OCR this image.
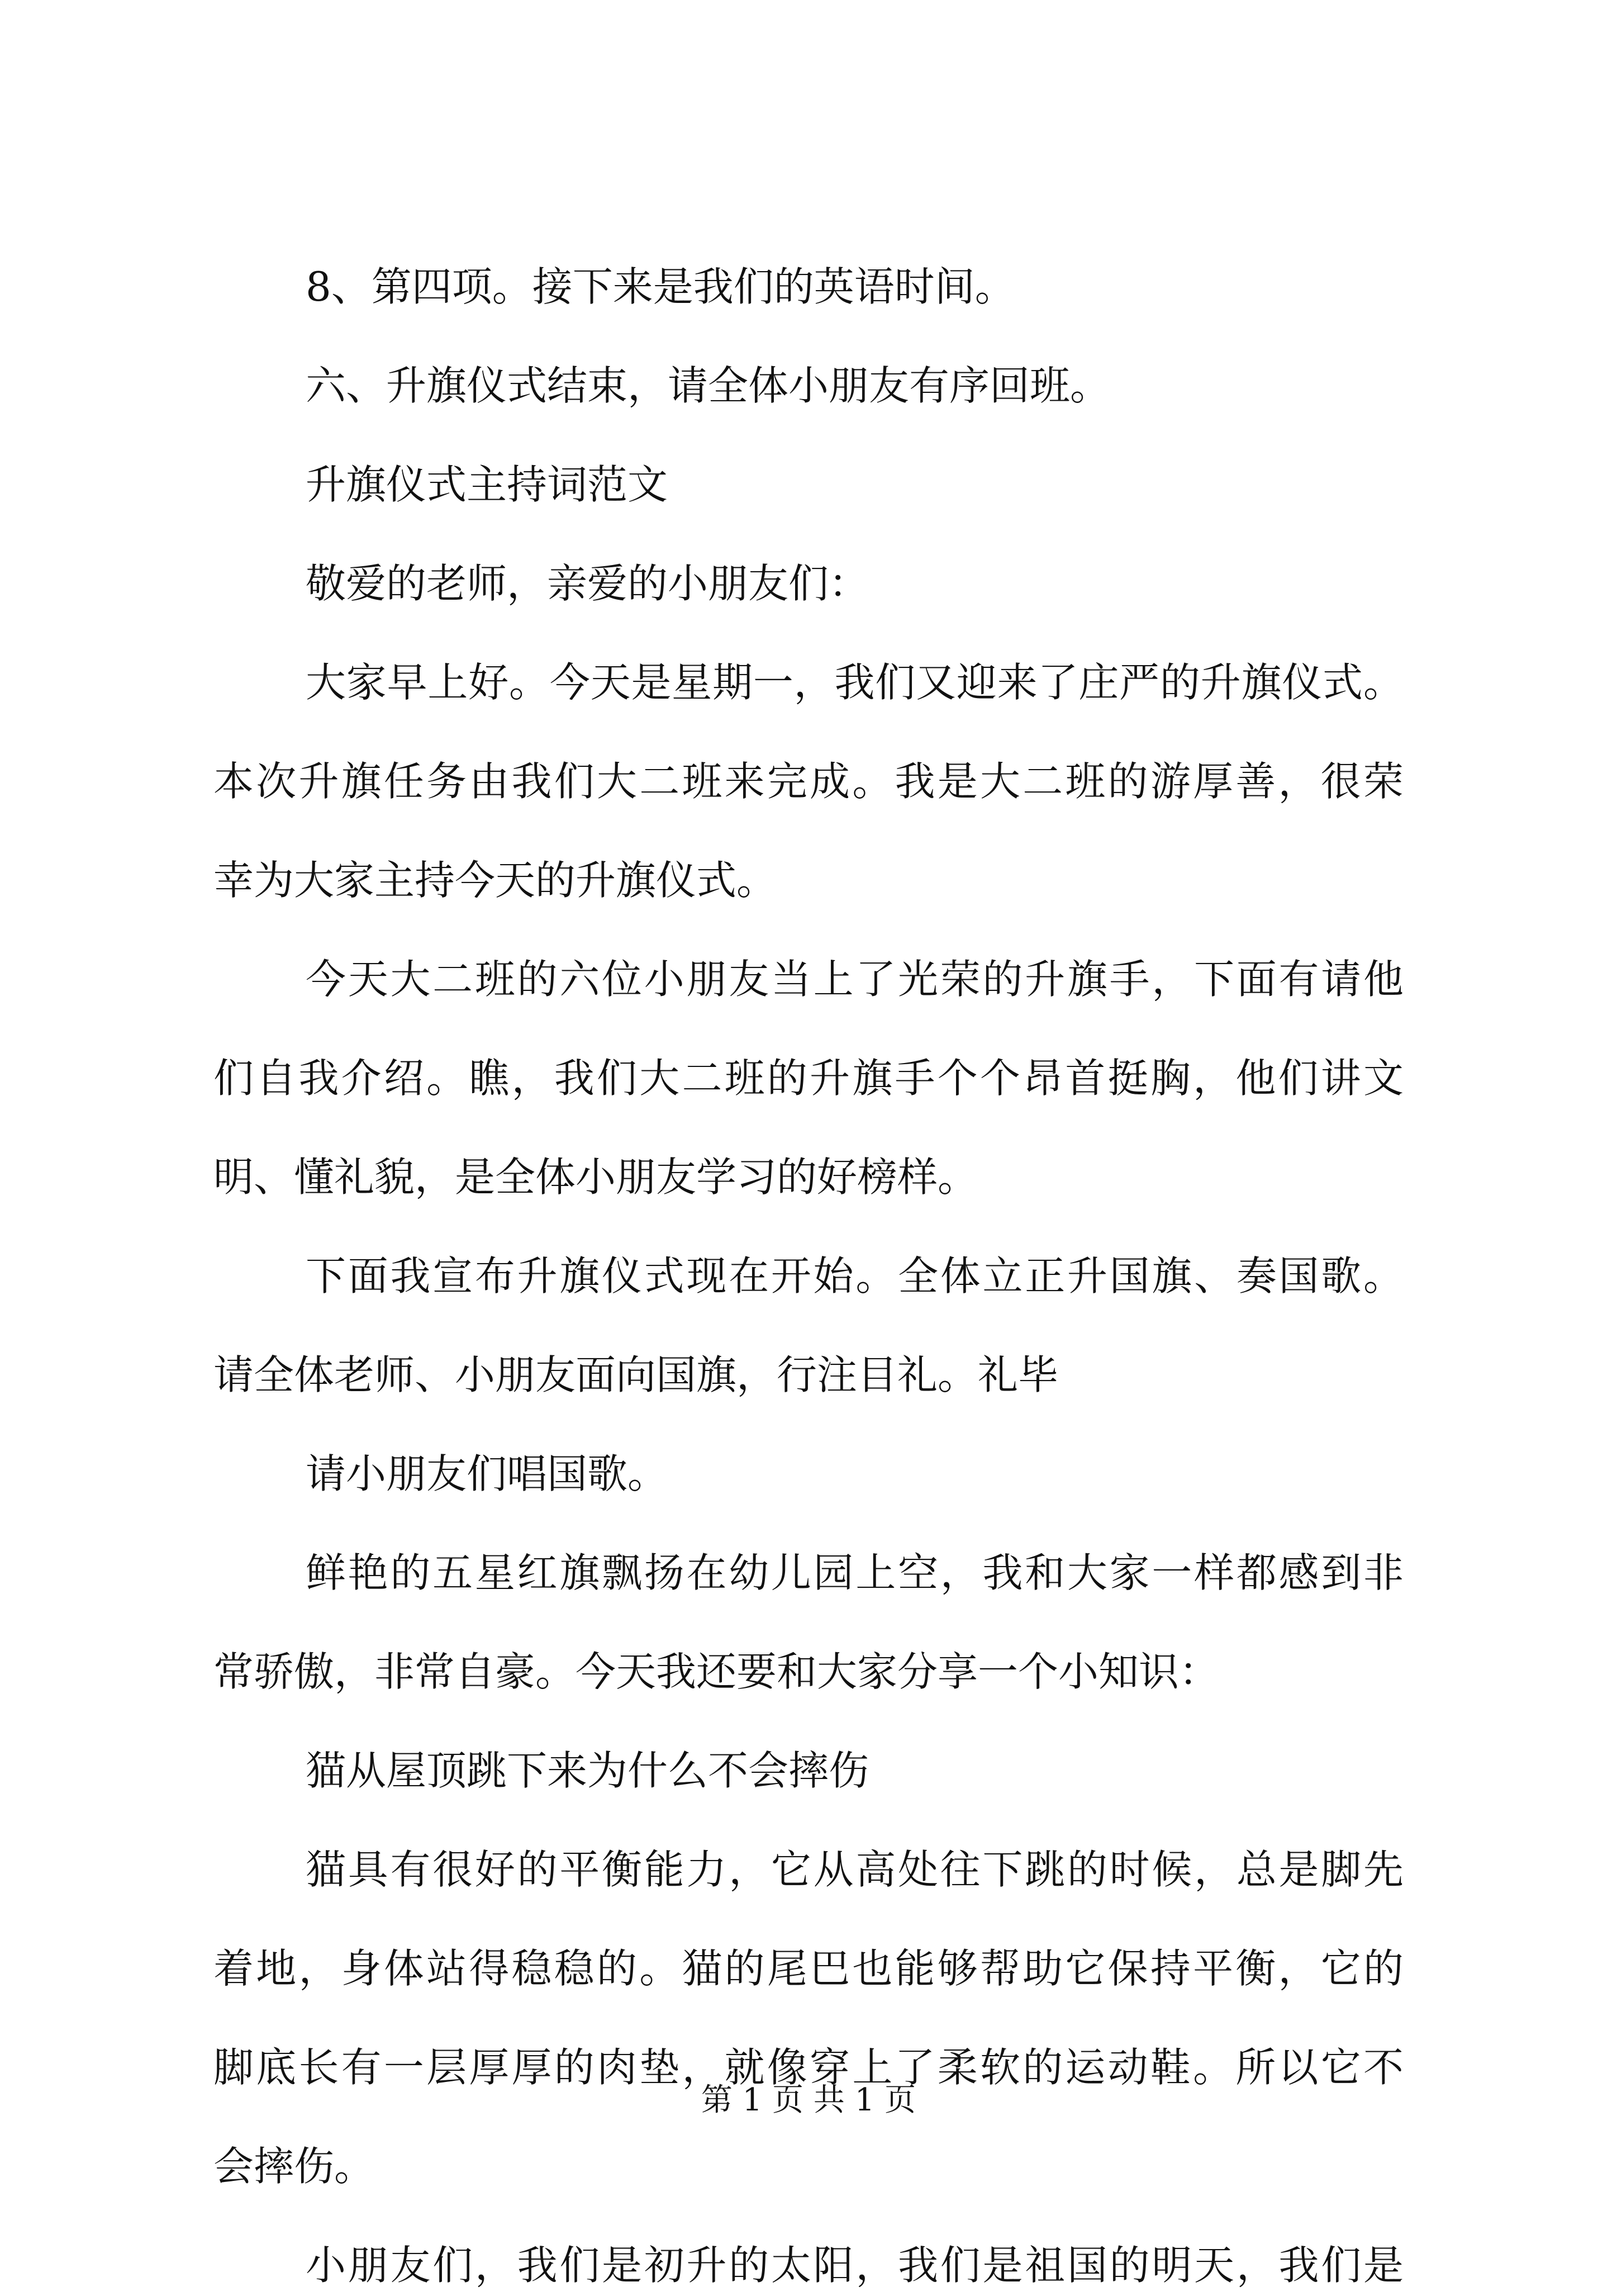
8、第四项。接下来是我们的英语时间。
六、升旗仪式结束，请全体小朋友有序回班。
升旗仪式主持词范文
敬爱的老师，亲爱的小朋友们：
大家早上好。今天是星期一，我们又迎来了庄严的升旗仪式。
本次升旗任务由我们大二班来完成。我是大二班的游厚善，很荣
幸为大家主持今天的升旗仪式。
今天大二班的六位小朋友当上了光荣的升旗手，下面有请他
们自我介绍。瞧，我们大二班的升旗手个个昂首挺胸，他们讲文
明、懂礼貌，是全体小朋友学习的好榜样。
下面我宣布升旗仪式现在开始。全体立正升国旗、奏国歌。
请全体老师、小朋友面向国旗，行注目礼。礼毕
请小朋友们唱国歌。
鲜艳的五星红旗飘扬在幼儿园上空，我和大家一样都感到非
常骄傲，非常自豪。今天我还要和大家分享一个小知识：
猫从屋顶跳下来为什么不会摔伤
猫具有很好的平衡能力，它从高处往下跳的时候，总是脚先
着地，身体站得稳稳的。猫的尾巴也能够帮助它保持平衡，它的
脚底长有一层厚厚的肉垫，就像穿上了柔软的运动鞋。所以它不
会摔伤。
小朋友们，我们是初升的太阳，我们是祖国的明天，我们是
第 1 页 共 1 页
